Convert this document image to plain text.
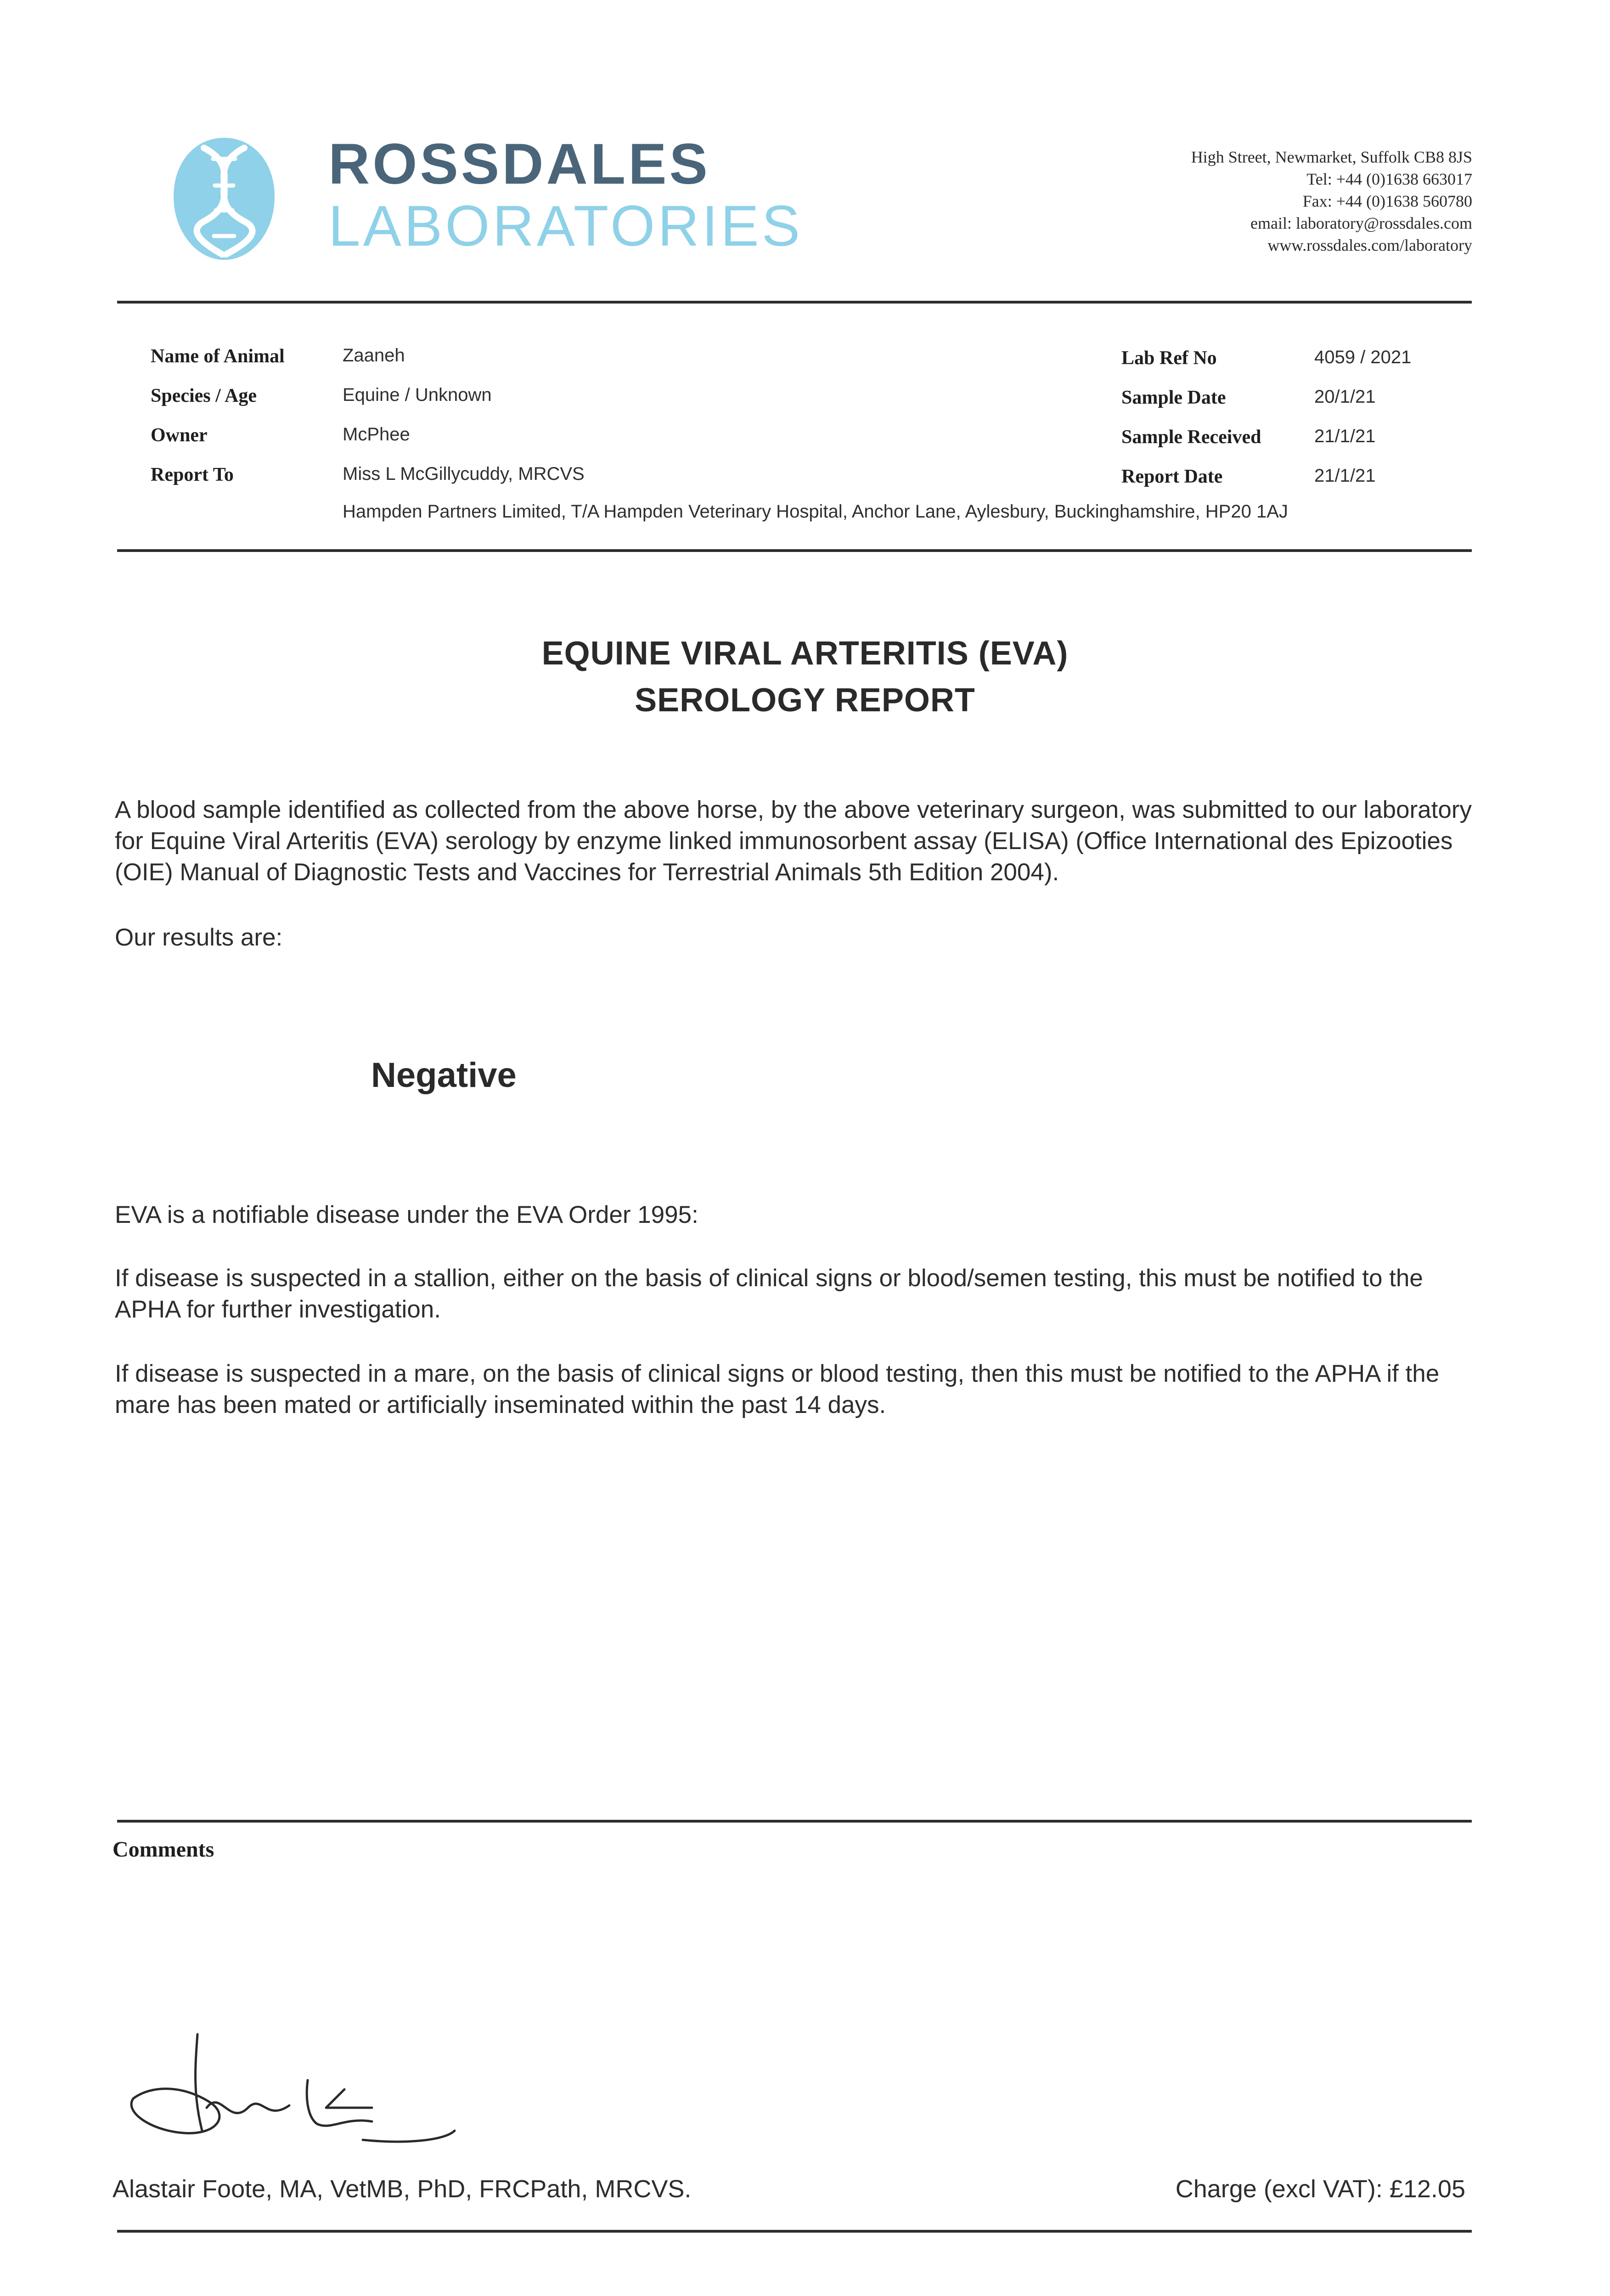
ROSSDALES
LABORATORIES
High Street, Newmarket, Suffolk CB8 8JS
Tel: +44 (0)1638 663017
Fax: +44 (0)1638 560780
email: laboratory@rossdales.com
www.rossdales.com/laboratory
Name of Animal	Zaaneh
Species / Age	Equine / Unknown
Owner	McPhee
Report To	Miss L McGillycuddy, MRCVS
Hampden Partners Limited, T/A Hampden Veterinary Hospital, Anchor Lane, Aylesbury, Buckinghamshire, HP20 1AJ
Lab Ref No	4059 / 2021
Sample Date	20/1/21
Sample Received	21/1/21
Report Date	21/1/21
EQUINE VIRAL ARTERITIS (EVA)
SEROLOGY REPORT
A blood sample identified as collected from the above horse, by the above veterinary surgeon, was submitted to our laboratory for Equine Viral Arteritis (EVA) serology by enzyme linked immunosorbent assay (ELISA) (Office International des Epizooties (OIE) Manual of Diagnostic Tests and Vaccines for Terrestrial Animals 5th Edition 2004).
Our results are:
Negative
EVA is a notifiable disease under the EVA Order 1995:
If disease is suspected in a stallion, either on the basis of clinical signs or blood/semen testing, this must be notified to the APHA for further investigation.
If disease is suspected in a mare, on the basis of clinical signs or blood testing, then this must be notified to the APHA if the mare has been mated or artificially inseminated within the past 14 days.
Comments
Alastair Foote, MA, VetMB, PhD, FRCPath, MRCVS.	Charge (excl VAT): £12.05
